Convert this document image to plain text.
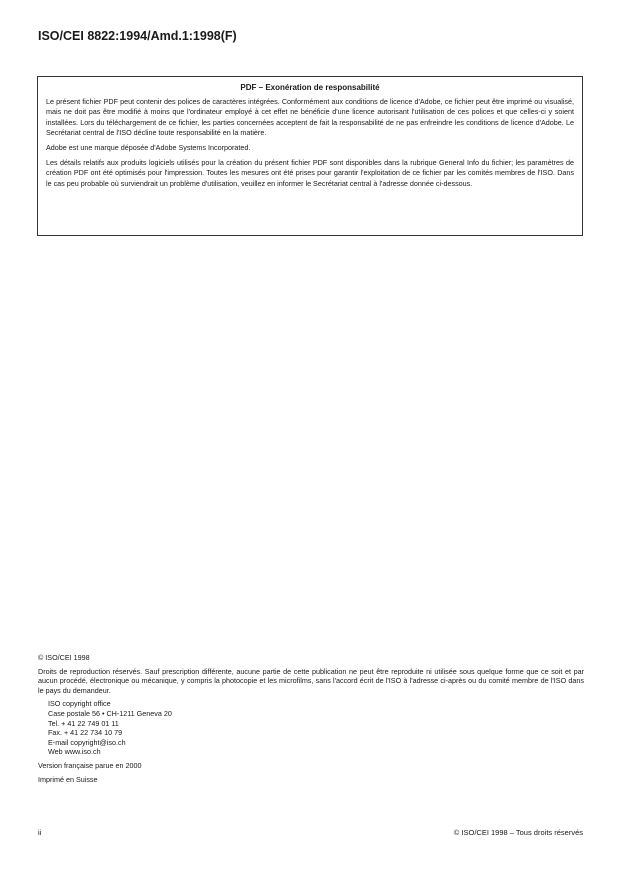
ISO/CEI 8822:1994/Amd.1:1998(F)
PDF – Exonération de responsabilité

Le présent fichier PDF peut contenir des polices de caractères intégrées. Conformément aux conditions de licence d'Adobe, ce fichier peut être imprimé ou visualisé, mais ne doit pas être modifié à moins que l'ordinateur employé à cet effet ne bénéficie d'une licence autorisant l'utilisation de ces polices et que celles-ci y soient installées. Lors du téléchargement de ce fichier, les parties concernées acceptent de fait la responsabilité de ne pas enfreindre les conditions de licence d'Adobe. Le Secrétariat central de l'ISO décline toute responsabilité en la matière.

Adobe est une marque déposée d'Adobe Systems Incorporated.

Les détails relatifs aux produits logiciels utilisés pour la création du présent fichier PDF sont disponibles dans la rubrique General Info du fichier; les paramètres de création PDF ont été optimisés pour l'impression. Toutes les mesures ont été prises pour garantir l'exploitation de ce fichier par les comités membres de l'ISO. Dans le cas peu probable où surviendrait un problème d'utilisation, veuillez en informer le Secrétariat central à l'adresse donnée ci-dessous.

© ISO/CEI 1998

Droits de reproduction réservés. Sauf prescription différente, aucune partie de cette publication ne peut être reproduite ni utilisée sous quelque forme que ce soit et par aucun procédé, électronique ou mécanique, y compris la photocopie et les microfilms, sans l'accord écrit de l'ISO à l'adresse ci-après ou du comité membre de l'ISO dans le pays du demandeur.

ISO copyright office
Case postale 56 • CH-1211 Geneva 20
Tel. + 41 22 749 01 11
Fax. + 41 22 734 10 79
E-mail copyright@iso.ch
Web www.iso.ch

Version française parue en 2000

Imprimé en Suisse

ii	© ISO/CEI 1998 – Tous droits réservés
